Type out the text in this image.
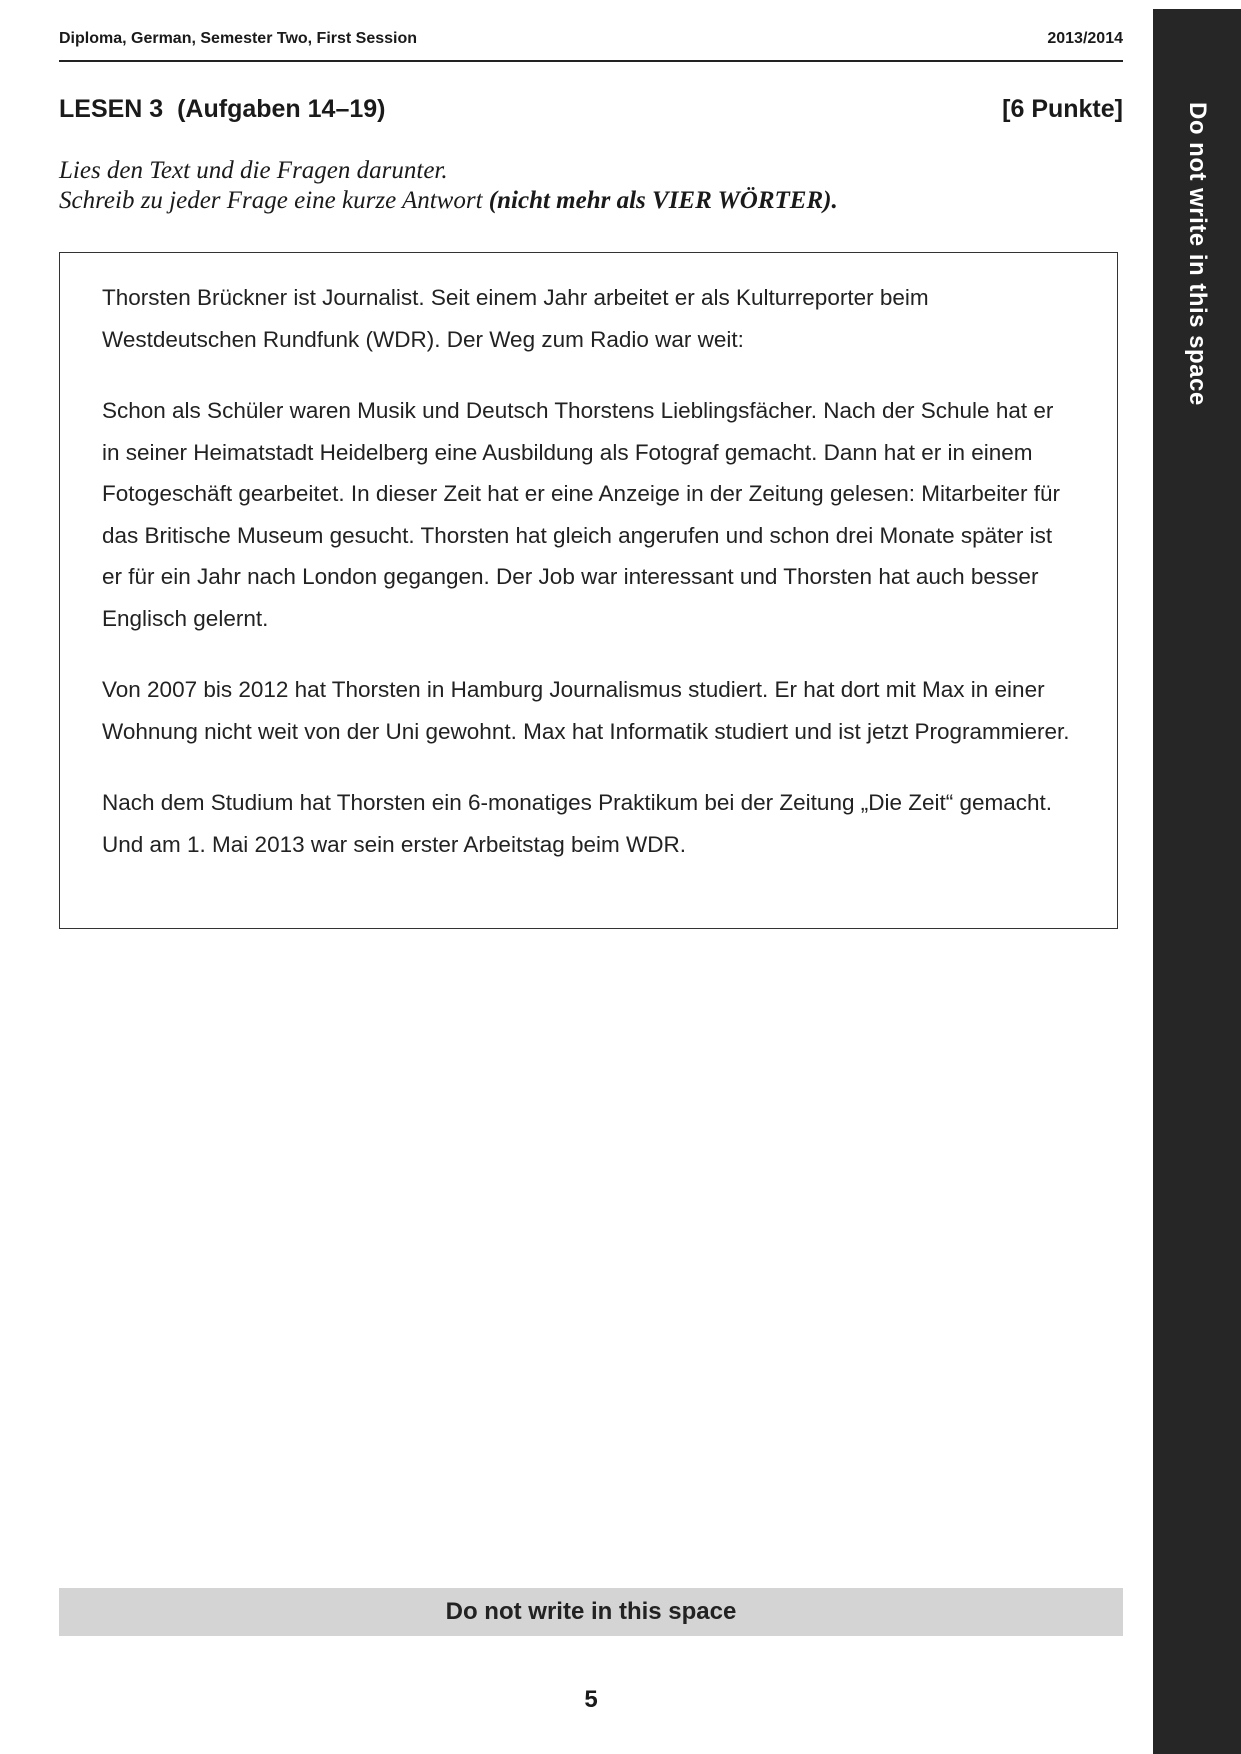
Diploma, German, Semester Two, First Session	2013/2014
LESEN 3  (Aufgaben 14–19)	[6 Punkte]
Lies den Text und die Fragen darunter.
Schreib zu jeder Frage eine kurze Antwort (nicht mehr als VIER WÖRTER).

Thorsten Brückner ist Journalist. Seit einem Jahr arbeitet er als Kulturreporter beim Westdeutschen Rundfunk (WDR). Der Weg zum Radio war weit:

Schon als Schüler waren Musik und Deutsch Thorstens Lieblingsfächer. Nach der Schule hat er in seiner Heimatstadt Heidelberg eine Ausbildung als Fotograf gemacht. Dann hat er in einem Fotogeschäft gearbeitet. In dieser Zeit hat er eine Anzeige in der Zeitung gelesen: Mitarbeiter für das Britische Museum gesucht. Thorsten hat gleich angerufen und schon drei Monate später ist er für ein Jahr nach London gegangen. Der Job war interessant und Thorsten hat auch besser Englisch gelernt.

Von 2007 bis 2012 hat Thorsten in Hamburg Journalismus studiert. Er hat dort mit Max in einer Wohnung nicht weit von der Uni gewohnt. Max hat Informatik studiert und ist jetzt Programmierer.

Nach dem Studium hat Thorsten ein 6-monatiges Praktikum bei der Zeitung „Die Zeit“ gemacht. Und am 1. Mai 2013 war sein erster Arbeitstag beim WDR.

Do not write in this space
5
Do not write in this space
